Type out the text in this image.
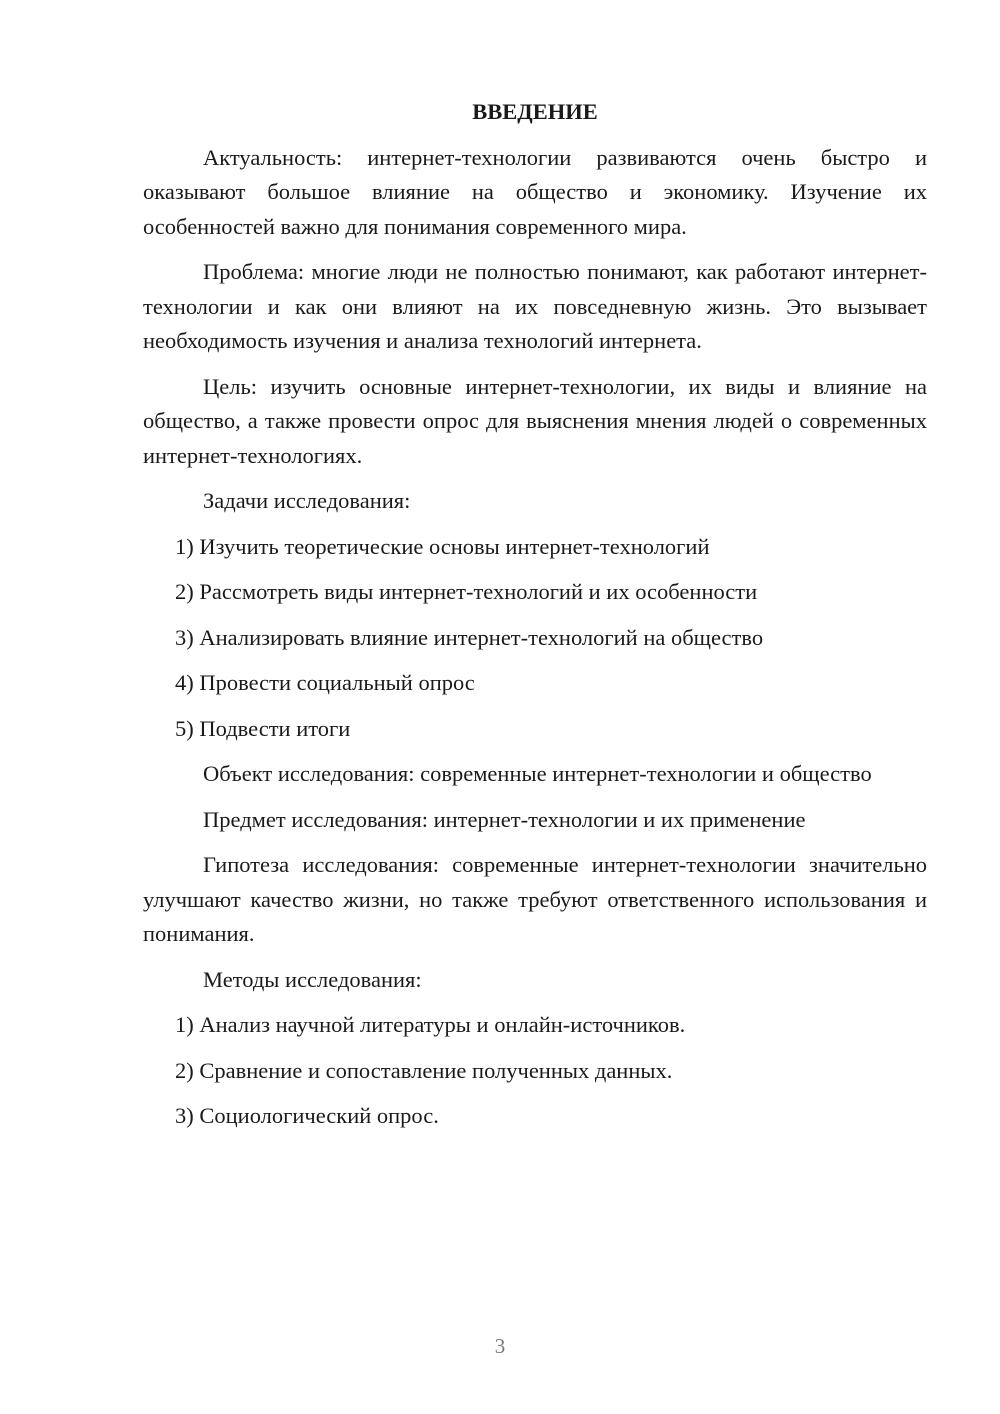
ВВЕДЕНИЕ

Актуальность: интернет-технологии развиваются очень быстро и оказывают большое влияние на общество и экономику. Изучение их особенностей важно для понимания современного мира.

Проблема: многие люди не полностью понимают, как работают интернет-технологии и как они влияют на их повседневную жизнь. Это вызывает необходимость изучения и анализа технологий интернета.

Цель: изучить основные интернет-технологии, их виды и влияние на общество, а также провести опрос для выяснения мнения людей о современных интернет-технологиях.

Задачи исследования:

1) Изучить теоретические основы интернет-технологий

2) Рассмотреть виды интернет-технологий и их особенности

3) Анализировать влияние интернет-технологий на общество

4) Провести социальный опрос

5) Подвести итоги

Объект исследования: современные интернет-технологии и общество

Предмет исследования: интернет-технологии и их применение

Гипотеза исследования: современные интернет-технологии значительно улучшают качество жизни, но также требуют ответственного использования и понимания.

Методы исследования:

1) Анализ научной литературы и онлайн-источников.

2) Сравнение и сопоставление полученных данных.

3) Социологический опрос.

3
